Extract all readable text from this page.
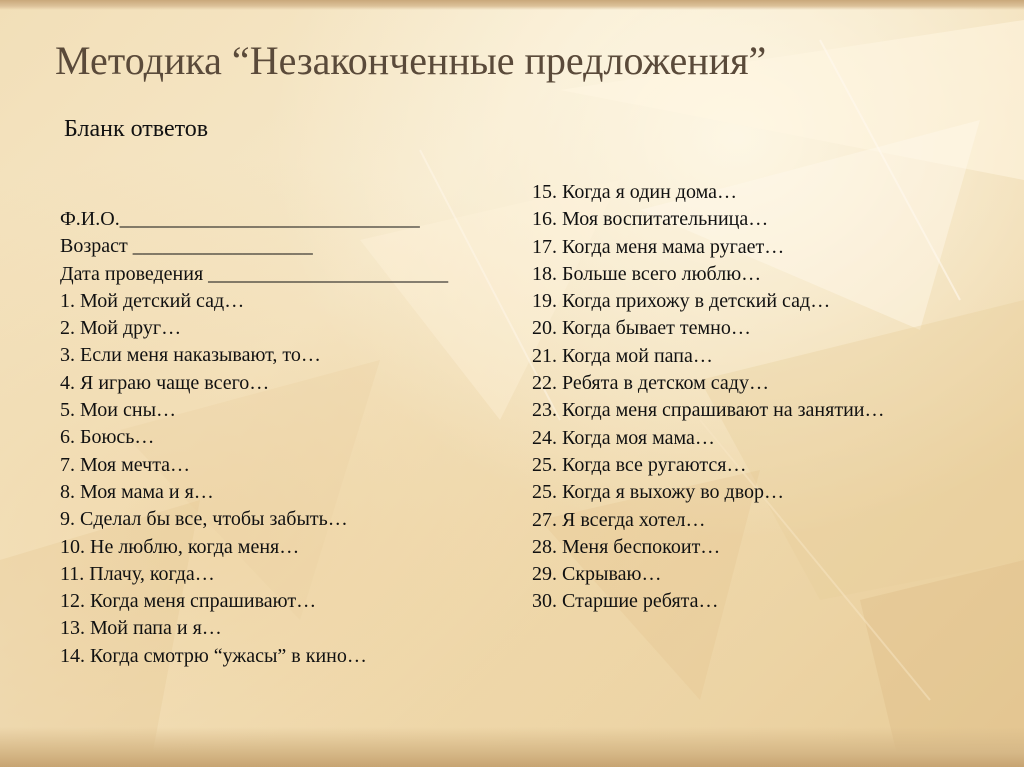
Методика “Незаконченные предложения”
Бланк ответов
Ф.И.О.______________________________
Возраст __________________
Дата проведения ________________________
1. Мой детский сад…
2. Мой друг…
3. Если меня наказывают, то…
4. Я играю чаще всего…
5. Мои сны…
6. Боюсь…
7. Моя мечта…
8. Моя мама и я…
9. Сделал бы все, чтобы забыть…
10. Не люблю, когда меня…
11. Плачу, когда…
12. Когда меня спрашивают…
13. Мой папа и я…
14. Когда смотрю “ужасы” в кино…
15. Когда я один дома…
16. Моя воспитательница…
17. Когда меня мама ругает…
18. Больше всего люблю…
19. Когда прихожу в детский сад…
20. Когда бывает темно…
21. Когда мой папа…
22. Ребята в детском саду…
23. Когда меня спрашивают на занятии…
24. Когда моя мама…
25. Когда все ругаются…
25. Когда я выхожу во двор…
27. Я всегда хотел…
28. Меня беспокоит…
29. Скрываю…
30. Старшие ребята…
